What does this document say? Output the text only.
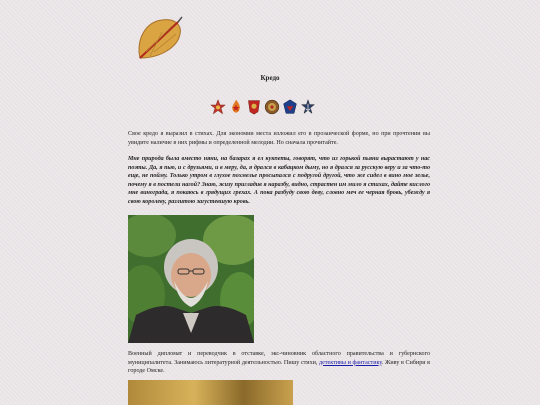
Кредо

Свое кредо я выразил в стихах. Для экономии места изложил его в прозаической форме, но при прочтении вы увидите наличие в них рифмы и определенной мелодии. Но сначала прочитайте.

Мне природа была вместо няни, на базарах я ел кукпеты, говорят, что из горькой пьяни вырастают у нас поэты. Да, я пью, и с друзьями, и в меру, да, я дрался в кабацком дыму, но я дрался за русскую веру и за что-то еще, не пойму. Только утром в глухое похмелье просыпался с подругой другой, что же сидел в вино мое зелье, почему я в постели нагой? Знаю, жизу пригладив я наразбу, видно, страстен им мило я стихах, дайте кислого мне винограда, я покаюсь в грядущих грехах. А пока разбуду свою деву, словно меч ее черная бровь, убежду я свою королеву, разлитою загустевшую кровь.

Военный дипломат и переводчик в отставке, экс-чиновник областного правительства и губернского муниципалитета. Занимаюсь литературной деятельностью. Пишу стихи, детективы и фантастику. Живу в Сибири в городе Омске.
